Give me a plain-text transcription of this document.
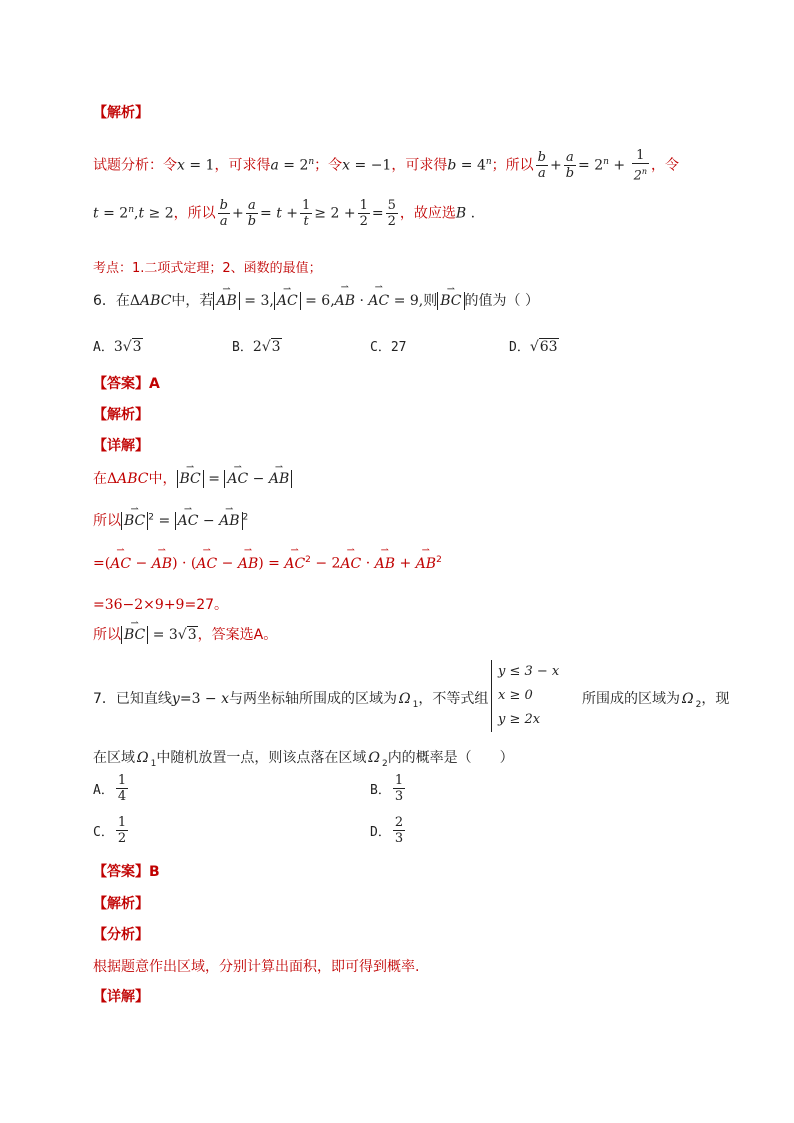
【解析】
试题分析：令x = 1，可求得$a = 2^n$；令x = −1，可求得$b = 4^n$；所以 $\frac{b}{a} + \frac{a}{b} = 2^n + \frac{1}{2^n}$ ，令
$t = 2^n,t \ge 2$，所以 $\frac{b}{a} + \frac{a}{b} = t + \frac{1}{t} \ge 2 + \frac{1}{2} = \frac{5}{2}$ ，故应选B .
考点：1.二项式定理；2、函数的最值；
6．在ΔABC中，若 ⇀ AB = 3, ⇀ AC = 6,⇀ AB · ⇀ AC = 9,则 ⇀ BC 的值为（ ）
A．3√3	B．2√3	C．27	D．√63
【答案】A
【解析】
【详解】
在ΔABC中， ⇀ BC = ⇀ AC − ⇀ AB
所以 ⇀ BC $^2$ = ⇀ AC − ⇀ AB $^2$
=(⇀ AC − ⇀ AB) · (⇀ AC − ⇀ AB) = ⇀ $AC^2$ − 2⇀ AC · ⇀ AB + ⇀ $AB^2$
=36−2×9+9=27。
所以 ⇀ BC = 3√3，答案选A。
7．已知直线y=3 − x与两坐标轴所围成的区域为 Ω $_1$，不等式组
y ≤ 3 − x
x ≥ 0
y ≥ 2x
所围成的区域为 Ω $_2$，现
在区域 Ω $_1$中随机放置一点，则该点落在区域 Ω $_2$内的概率是（　　）
A． $\frac{1}{4}$	B． $\frac{1}{3}$
C． $\frac{1}{2}$	D． $\frac{2}{3}$
【答案】B
【解析】
【分析】
根据题意作出区域，分别计算出面积，即可得到概率.
【详解】
